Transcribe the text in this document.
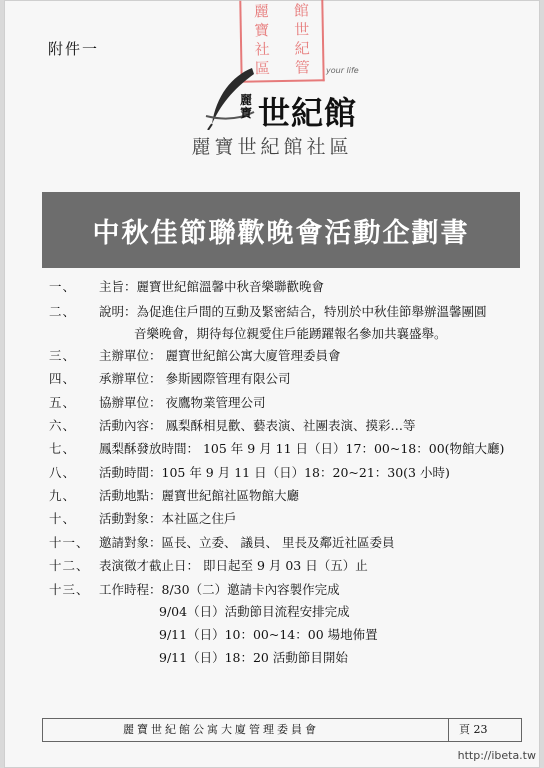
附件一
麗 館
寶 世
社 紀
區 管 your life
麗寶 世紀館
麗寶世紀館社區
中秋佳節聯歡晚會活動企劃書
一、	主旨：麗寶世紀館溫馨中秋音樂聯歡晚會
二、	說明：為促進住戶間的互動及緊密結合，特別於中秋佳節舉辦溫馨團圓
音樂晚會，期待每位親愛住戶能踴躍報名參加共襄盛舉。
三、	主辦單位： 麗寶世紀館公寓大廈管理委員會
四、	承辦單位： 參斯國際管理有限公司
五、	協辦單位： 夜鷹物業管理公司
六、	活動內容： 鳳梨酥相見歡、藝表演、社團表演、摸彩…等
七、	鳳梨酥發放時間： 105 年 9 月 11 日（日）17：00~18：00(物館大廳)
八、	活動時間：105 年 9 月 11 日（日）18：20~21：30(3 小時)
九、	活動地點：麗寶世紀館社區物館大廳
十、	活動對象：本社區之住戶
十一、 邀請對象：區長、立委、 議員、 里長及鄰近社區委員
十二、 表演徵才截止日： 即日起至 9 月 03 日（五）止
十三、 工作時程：8/30（二）邀請卡內容製作完成
9/04（日）活動節目流程安排完成
9/11（日）10：00~14：00 場地佈置
9/11（日）18：20 活動節目開始
麗寶世紀館公寓大廈管理委員會	頁 23
http://ibeta.tw
